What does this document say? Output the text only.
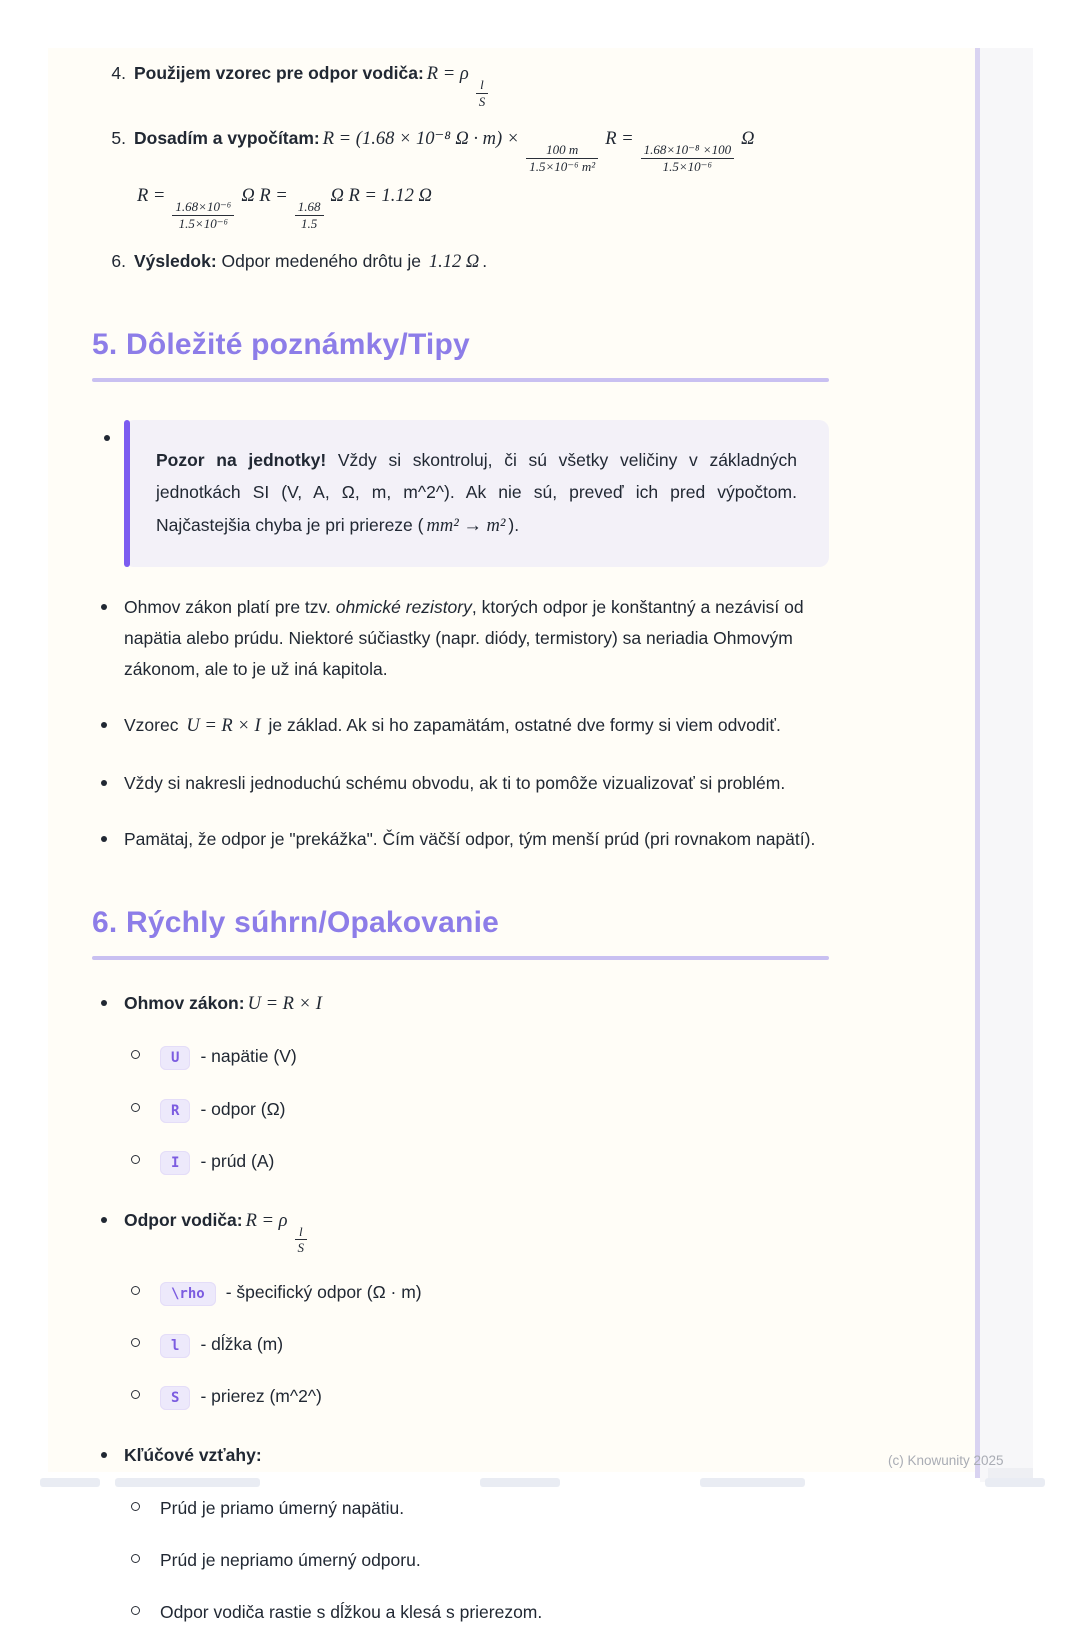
4. Použijem vzorec pre odpor vodiča: R = ρ
$\frac{l}{S}$
5. Dosadím a vypočítam: R = (1.68 × 10⁻⁸ Ω · m) ×
$\frac{100 m}{\text{1.5×10⁻⁶ m²}}$
R =
$\frac{\text{1.68×10⁻⁸ ×100}}{\text{1.5×10⁻⁶}}$
Ω
R =
$\frac{\text{1.68×10⁻⁶}}{\text{1.5×10⁻⁶}}$
Ω R =
$\frac{1.68}{1.5}$
Ω R = 1.12 Ω
6. Výsledok: Odpor medeného drôtu je 1.12 Ω .
5. Dôležité poznámky/Tipy

Pozor na jednotky! Vždy si skontroluj, či sú všetky veličiny v základných jednotkách SI (V, A, Ω, m, m^2^). Ak nie sú, preveď ich pred výpočtom. Najčastejšia chyba je pri priereze ( mm² → m² ).

Ohmov zákon platí pre tzv. ohmické rezistory, ktorých odpor je konštantný a nezávisí od napätia alebo prúdu. Niektoré súčiastky (napr. diódy, termistory) sa neriadia Ohmovým zákonom, ale to je už iná kapitola.
Vzorec U = R × I je základ. Ak si ho zapamätám, ostatné dve formy si viem odvodiť.
Vždy si nakresli jednoduchú schému obvodu, ak ti to pomôže vizualizovať si problém.
Pamätaj, že odpor je "prekážka". Čím väčší odpor, tým menší prúd (pri rovnakom napätí).
6. Rýchly súhrn/Opakovanie
Ohmov zákon: U = R × I
U - napätie (V)
R - odpor (Ω)
I - prúd (A)
Odpor vodiča: R = ρ
$\frac{l}{S}$
\rho - špecifický odpor (Ω · m)
l - dĺžka (m)
S - prierez (m^2^)
Kľúčové vzťahy:
Prúd je priamo úmerný napätiu.
Prúd je nepriamo úmerný odporu.
Odpor vodiča rastie s dĺžkou a klesá s prierezom.
(c) Knowunity 2025
